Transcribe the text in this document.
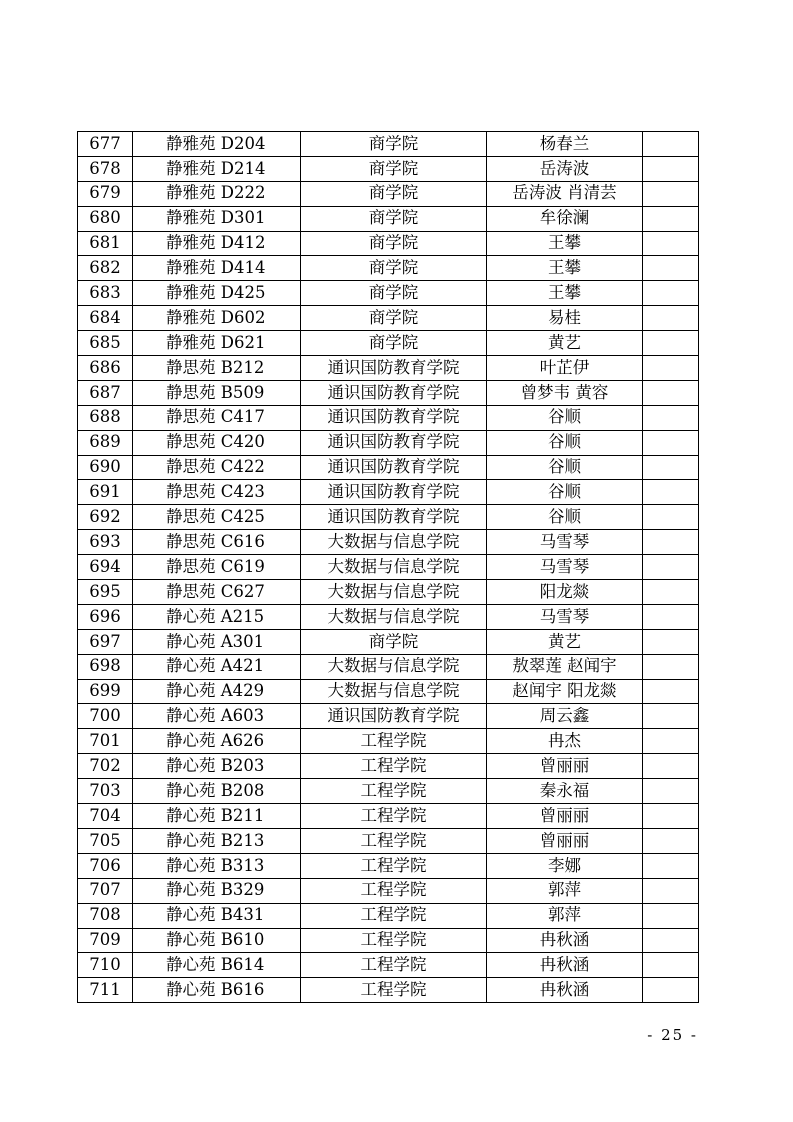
677	静雅苑 D204	商学院	杨春兰	
678	静雅苑 D214	商学院	岳涛波	
679	静雅苑 D222	商学院	岳涛波 肖清芸	
680	静雅苑 D301	商学院	牟徐澜	
681	静雅苑 D412	商学院	王攀	
682	静雅苑 D414	商学院	王攀	
683	静雅苑 D425	商学院	王攀	
684	静雅苑 D602	商学院	易桂	
685	静雅苑 D621	商学院	黄艺	
686	静思苑 B212	通识国防教育学院	叶芷伊	
687	静思苑 B509	通识国防教育学院	曾梦韦 黄容	
688	静思苑 C417	通识国防教育学院	谷顺	
689	静思苑 C420	通识国防教育学院	谷顺	
690	静思苑 C422	通识国防教育学院	谷顺	
691	静思苑 C423	通识国防教育学院	谷顺	
692	静思苑 C425	通识国防教育学院	谷顺	
693	静思苑 C616	大数据与信息学院	马雪琴	
694	静思苑 C619	大数据与信息学院	马雪琴	
695	静思苑 C627	大数据与信息学院	阳龙燚	
696	静心苑 A215	大数据与信息学院	马雪琴	
697	静心苑 A301	商学院	黄艺	
698	静心苑 A421	大数据与信息学院	敖翠莲 赵闻宇	
699	静心苑 A429	大数据与信息学院	赵闻宇 阳龙燚	
700	静心苑 A603	通识国防教育学院	周云鑫	
701	静心苑 A626	工程学院	冉杰	
702	静心苑 B203	工程学院	曾丽丽	
703	静心苑 B208	工程学院	秦永福	
704	静心苑 B211	工程学院	曾丽丽	
705	静心苑 B213	工程学院	曾丽丽	
706	静心苑 B313	工程学院	李娜	
707	静心苑 B329	工程学院	郭萍	
708	静心苑 B431	工程学院	郭萍	
709	静心苑 B610	工程学院	冉秋涵	
710	静心苑 B614	工程学院	冉秋涵	
711	静心苑 B616	工程学院	冉秋涵	
- 25 -
